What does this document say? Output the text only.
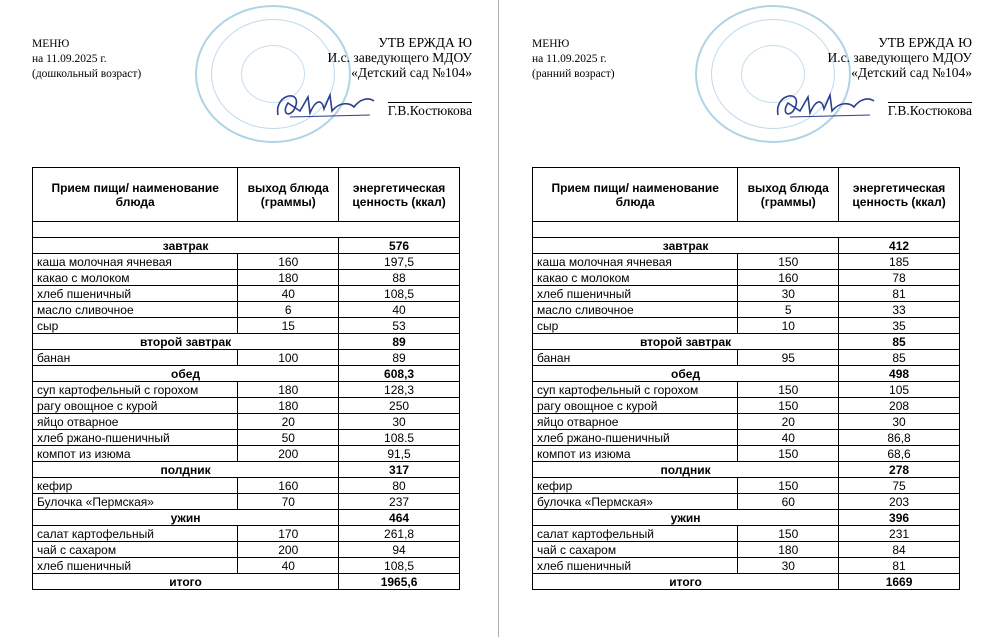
МЕНЮ
на 11.09.2025 г.
(дошкольный возраст)
УТВ ЕРЖДА Ю
И.с. заведующего МДОУ
«Детский сад №104»
Г.В.Костюкова
Прием пищи/ наименование блюда	выход блюда (граммы)	энергетическая ценность (ккал)

завтрак		576
каша молочная ячневая	160	197,5
какао с молоком	180	88
хлеб пшеничный	40	108,5
масло сливочное	6	40
сыр	15	53
второй завтрак		89
банан	100	89
обед		608,3
суп картофельный с горохом	180	128,3
рагу овощное с курой	180	250
яйцо отварное	20	30
хлеб ржано-пшеничный	50	108.5
компот из изюма	200	91,5
полдник		317
кефир	160	80
Булочка «Пермская»	70	237
ужин		464
салат картофельный	170	261,8
чай с сахаром	200	94
хлеб пшеничный	40	108,5
итого		1965,6
МЕНЮ
на 11.09.2025 г.
(ранний возраст)
УТВ ЕРЖДА Ю
И.с. заведующего МДОУ
«Детский сад №104»
Г.В.Костюкова
Прием пищи/ наименование блюда	выход блюда (граммы)	энергетическая ценность (ккал)

завтрак		412
каша молочная ячневая	150	185
какао с молоком	160	78
хлеб пшеничный	30	81
масло сливочное	5	33
сыр	10	35
второй завтрак		85
банан	95	85
обед		498
суп картофельный с горохом	150	105
рагу овощное с курой	150	208
яйцо отварное	20	30
хлеб ржано-пшеничный	40	86,8
компот из изюма	150	68,6
полдник		278
кефир	150	75
булочка «Пермская»	60	203
ужин		396
салат картофельный	150	231
чай с сахаром	180	84
хлеб пшеничный	30	81
итого		1669
